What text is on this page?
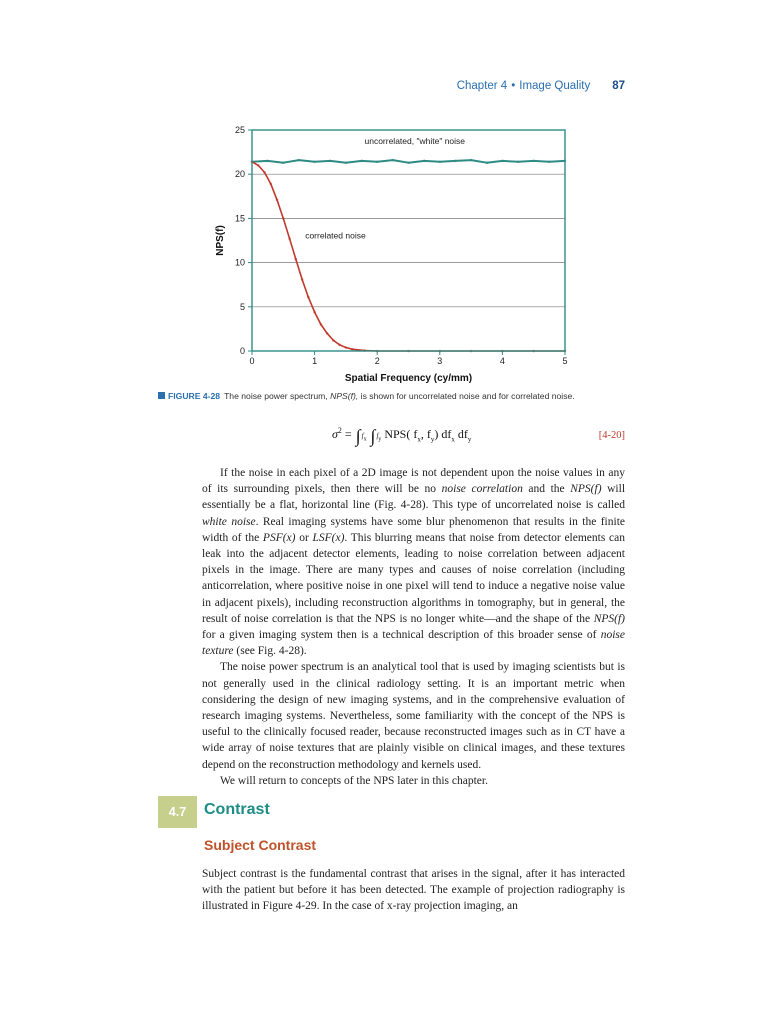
Chapter 4 • Image Quality 87
0
5
10
15
20
25
0	1	2	3	4	5
uncorrelated, "white" noise
correlated noise
Spatial Frequency (cy/mm)
NPS(f)
FIGURE 4-28 The noise power spectrum, NPS(f), is shown for uncorrelated noise and for correlated noise.
$\sigma^2 = \int f_x$ $\int f_y$ NPS( $f_x$, $f_y$) $df_x$ $df_y$	[4-20]

If the noise in each pixel of a 2D image is not dependent upon the noise values in any of its surrounding pixels, then there will be no noise correlation and the NPS(f) will essentially be a flat, horizontal line (Fig. 4-28). This type of uncorrelated noise is called white noise. Real imaging systems have some blur phenomenon that results in the finite width of the PSF(x) or LSF(x). This blurring means that noise from detector elements can leak into the adjacent detector elements, leading to noise correlation between adjacent pixels in the image. There are many types and causes of noise correlation (including anticorrelation, where positive noise in one pixel will tend to induce a negative noise value in adjacent pixels), including reconstruction algorithms in tomography, but in general, the result of noise correlation is that the NPS is no longer white—and the shape of the NPS(f) for a given imaging system then is a technical description of this broader sense of noise texture (see Fig. 4-28).

The noise power spectrum is an analytical tool that is used by imaging scientists but is not generally used in the clinical radiology setting. It is an important metric when considering the design of new imaging systems, and in the comprehensive evaluation of research imaging systems. Nevertheless, some familiarity with the concept of the NPS is useful to the clinically focused reader, because reconstructed images such as in CT have a wide array of noise textures that are plainly visible on clinical images, and these textures depend on the reconstruction methodology and kernels used.

We will return to concepts of the NPS later in this chapter.

4.7	Contrast
Subject Contrast

Subject contrast is the fundamental contrast that arises in the signal, after it has interacted with the patient but before it has been detected. The example of projection radiography is illustrated in Figure 4-29. In the case of x-ray projection imaging, an
